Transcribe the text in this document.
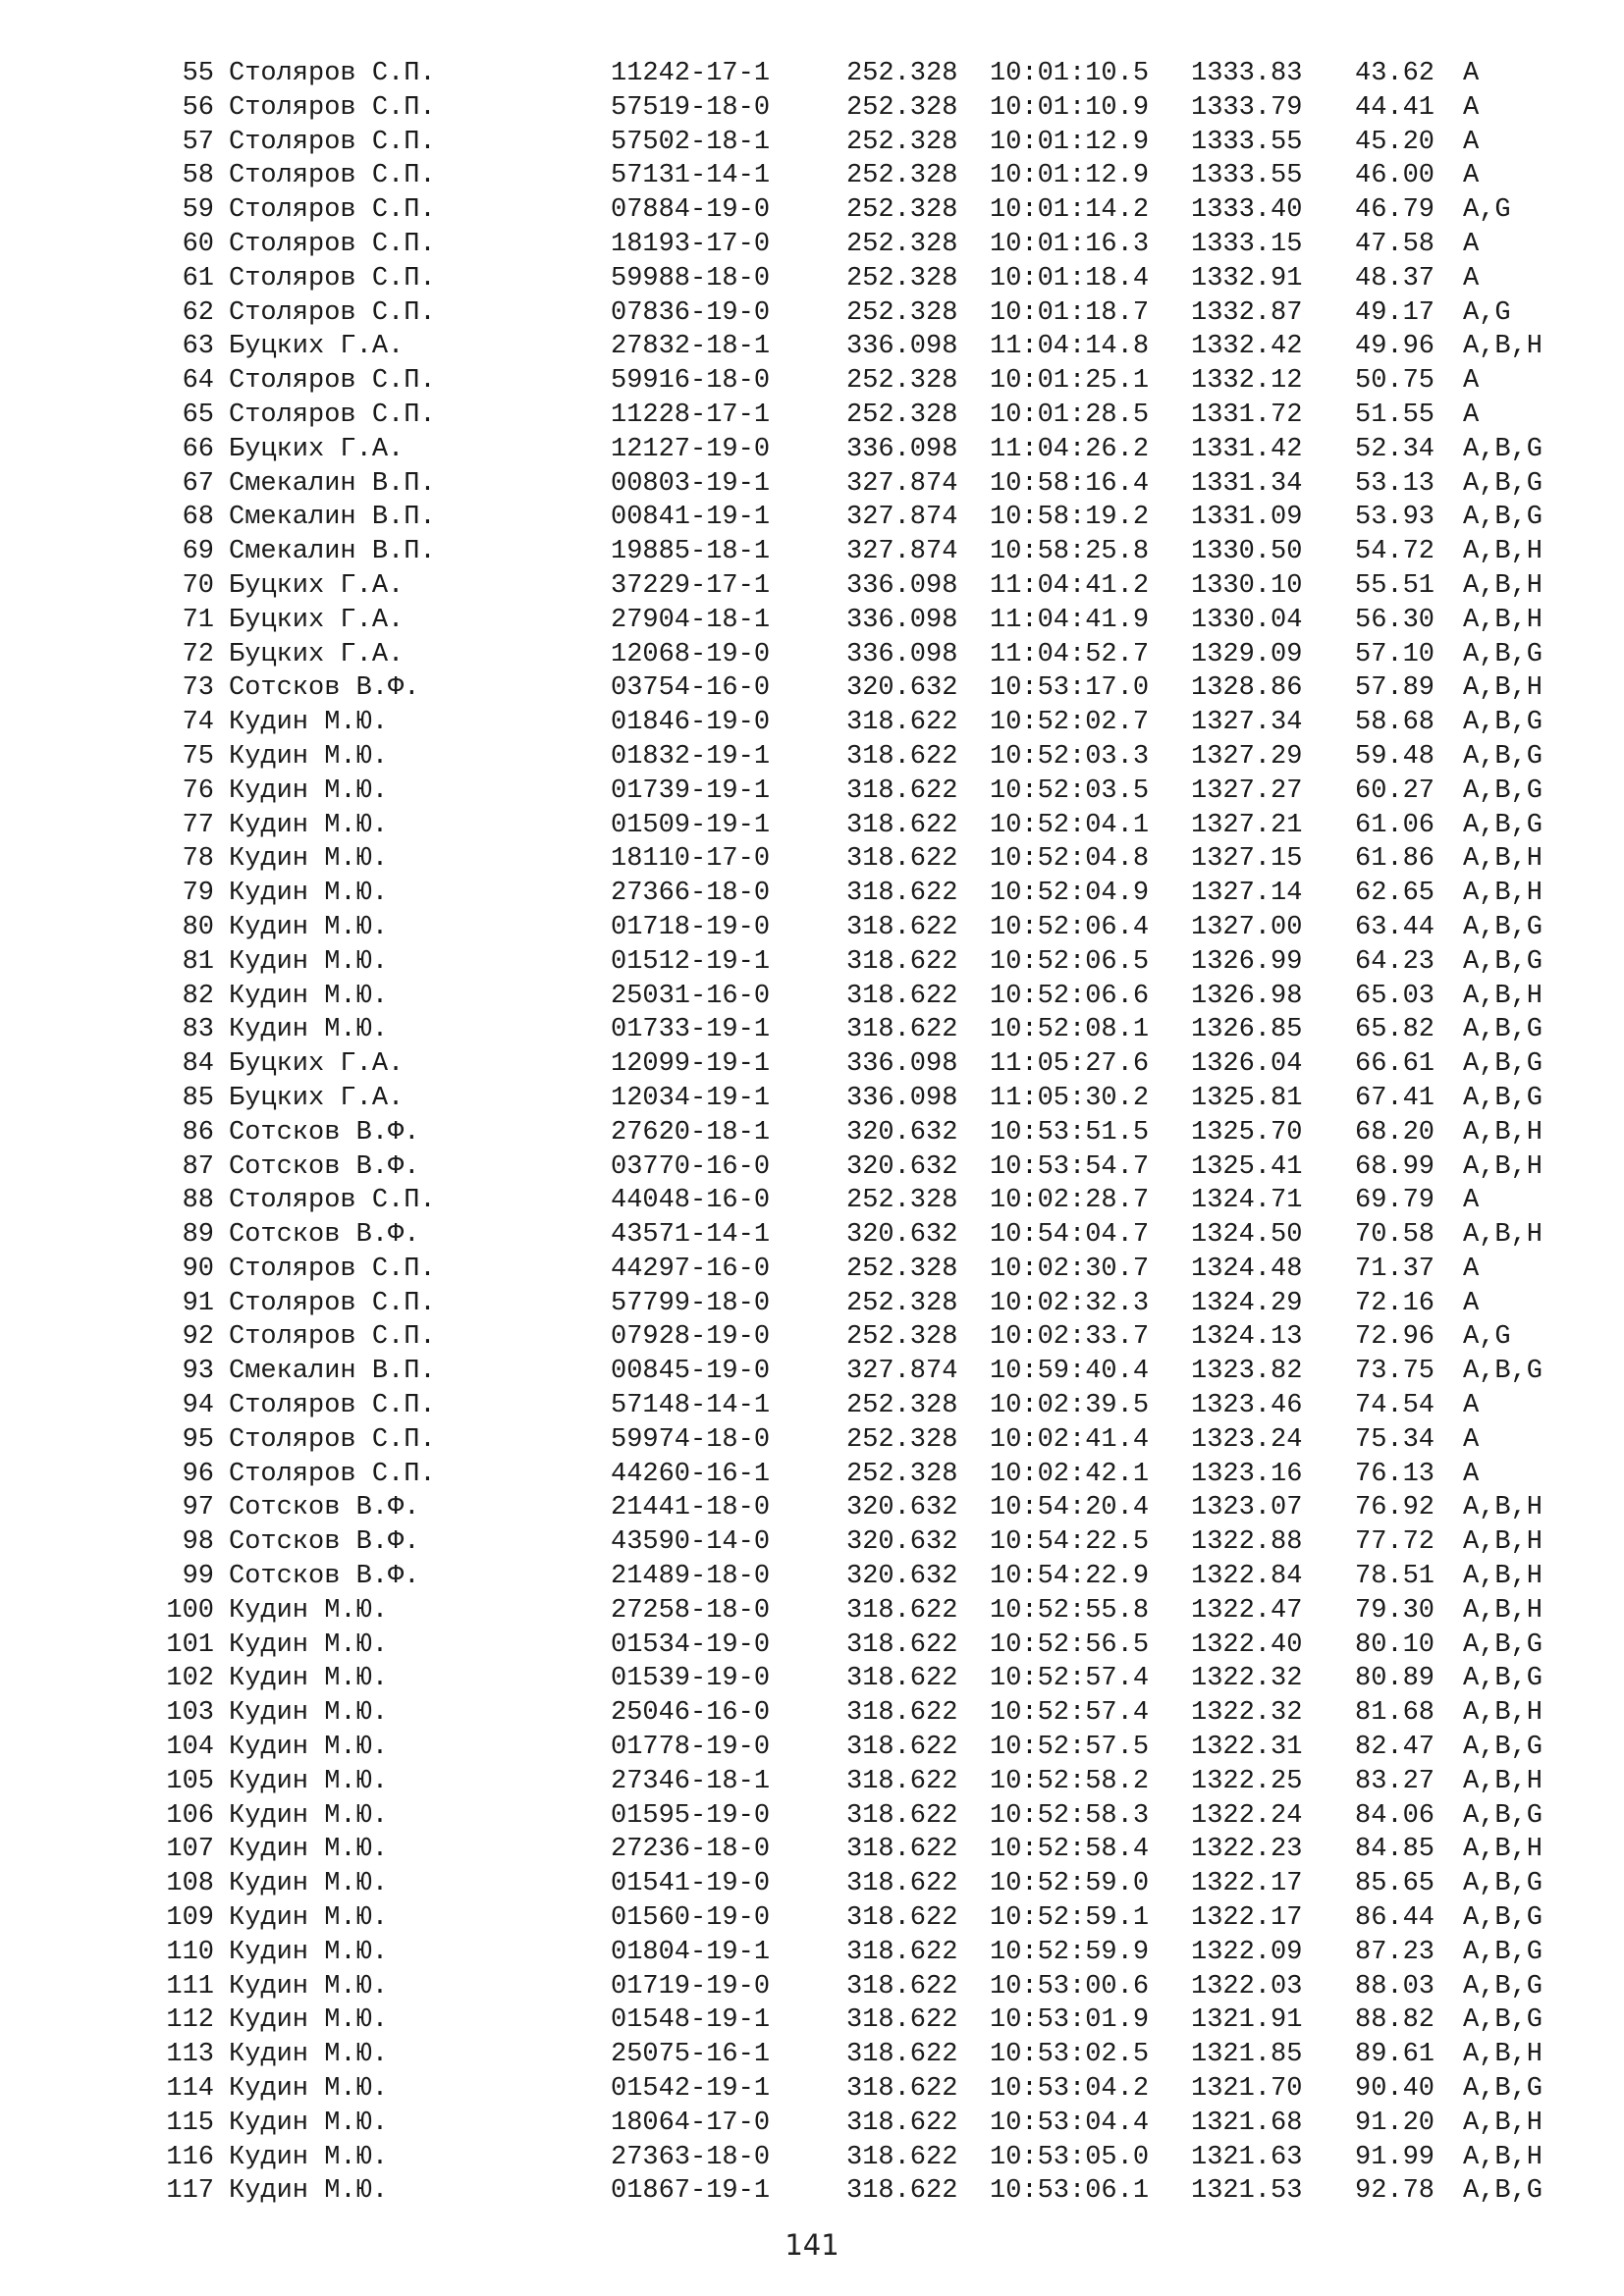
55 Столяров С.П.	11242-17-1	252.328 10:01:10.5 1333.83 43.62 A
56 Столяров С.П.	57519-18-0	252.328 10:01:10.9 1333.79 44.41 A
57 Столяров С.П.	57502-18-1	252.328 10:01:12.9 1333.55 45.20 A
58 Столяров С.П.	57131-14-1	252.328 10:01:12.9 1333.55 46.00 A
59 Столяров С.П.	07884-19-0	252.328 10:01:14.2 1333.40 46.79 A,G
60 Столяров С.П.	18193-17-0	252.328 10:01:16.3 1333.15 47.58 A
61 Столяров С.П.	59988-18-0	252.328 10:01:18.4 1332.91 48.37 A
62 Столяров С.П.	07836-19-0	252.328 10:01:18.7 1332.87 49.17 A,G
63 Буцких Г.А.	27832-18-1	336.098 11:04:14.8 1332.42 49.96 A,B,H
64 Столяров С.П.	59916-18-0	252.328 10:01:25.1 1332.12 50.75 A
65 Столяров С.П.	11228-17-1	252.328 10:01:28.5 1331.72 51.55 A
66 Буцких Г.А.	12127-19-0	336.098 11:04:26.2 1331.42 52.34 A,B,G
67 Смекалин В.П.	00803-19-1	327.874 10:58:16.4 1331.34 53.13 A,B,G
68 Смекалин В.П.	00841-19-1	327.874 10:58:19.2 1331.09 53.93 A,B,G
69 Смекалин В.П.	19885-18-1	327.874 10:58:25.8 1330.50 54.72 A,B,H
70 Буцких Г.А.	37229-17-1	336.098 11:04:41.2 1330.10 55.51 A,B,H
71 Буцких Г.А.	27904-18-1	336.098 11:04:41.9 1330.04 56.30 A,B,H
72 Буцких Г.А.	12068-19-0	336.098 11:04:52.7 1329.09 57.10 A,B,G
73 Сотсков В.Ф.	03754-16-0	320.632 10:53:17.0 1328.86 57.89 A,B,H
74 Кудин М.Ю.	01846-19-0	318.622 10:52:02.7 1327.34 58.68 A,B,G
75 Кудин М.Ю.	01832-19-1	318.622 10:52:03.3 1327.29 59.48 A,B,G
76 Кудин М.Ю.	01739-19-1	318.622 10:52:03.5 1327.27 60.27 A,B,G
77 Кудин М.Ю.	01509-19-1	318.622 10:52:04.1 1327.21 61.06 A,B,G
78 Кудин М.Ю.	18110-17-0	318.622 10:52:04.8 1327.15 61.86 A,B,H
79 Кудин М.Ю.	27366-18-0	318.622 10:52:04.9 1327.14 62.65 A,B,H
80 Кудин М.Ю.	01718-19-0	318.622 10:52:06.4 1327.00 63.44 A,B,G
81 Кудин М.Ю.	01512-19-1	318.622 10:52:06.5 1326.99 64.23 A,B,G
82 Кудин М.Ю.	25031-16-0	318.622 10:52:06.6 1326.98 65.03 A,B,H
83 Кудин М.Ю.	01733-19-1	318.622 10:52:08.1 1326.85 65.82 A,B,G
84 Буцких Г.А.	12099-19-1	336.098 11:05:27.6 1326.04 66.61 A,B,G
85 Буцких Г.А.	12034-19-1	336.098 11:05:30.2 1325.81 67.41 A,B,G
86 Сотсков В.Ф.	27620-18-1	320.632 10:53:51.5 1325.70 68.20 A,B,H
87 Сотсков В.Ф.	03770-16-0	320.632 10:53:54.7 1325.41 68.99 A,B,H
88 Столяров С.П.	44048-16-0	252.328 10:02:28.7 1324.71 69.79 A
89 Сотсков В.Ф.	43571-14-1	320.632 10:54:04.7 1324.50 70.58 A,B,H
90 Столяров С.П.	44297-16-0	252.328 10:02:30.7 1324.48 71.37 A
91 Столяров С.П.	57799-18-0	252.328 10:02:32.3 1324.29 72.16 A
92 Столяров С.П.	07928-19-0	252.328 10:02:33.7 1324.13 72.96 A,G
93 Смекалин В.П.	00845-19-0	327.874 10:59:40.4 1323.82 73.75 A,B,G
94 Столяров С.П.	57148-14-1	252.328 10:02:39.5 1323.46 74.54 A
95 Столяров С.П.	59974-18-0	252.328 10:02:41.4 1323.24 75.34 A
96 Столяров С.П.	44260-16-1	252.328 10:02:42.1 1323.16 76.13 A
97 Сотсков В.Ф.	21441-18-0	320.632 10:54:20.4 1323.07 76.92 A,B,H
98 Сотсков В.Ф.	43590-14-0	320.632 10:54:22.5 1322.88 77.72 A,B,H
99 Сотсков В.Ф.	21489-18-0	320.632 10:54:22.9 1322.84 78.51 A,B,H
100 Кудин М.Ю.	27258-18-0	318.622 10:52:55.8 1322.47 79.30 A,B,H
101 Кудин М.Ю.	01534-19-0	318.622 10:52:56.5 1322.40 80.10 A,B,G
102 Кудин М.Ю.	01539-19-0	318.622 10:52:57.4 1322.32 80.89 A,B,G
103 Кудин М.Ю.	25046-16-0	318.622 10:52:57.4 1322.32 81.68 A,B,H
104 Кудин М.Ю.	01778-19-0	318.622 10:52:57.5 1322.31 82.47 A,B,G
105 Кудин М.Ю.	27346-18-1	318.622 10:52:58.2 1322.25 83.27 A,B,H
106 Кудин М.Ю.	01595-19-0	318.622 10:52:58.3 1322.24 84.06 A,B,G
107 Кудин М.Ю.	27236-18-0	318.622 10:52:58.4 1322.23 84.85 A,B,H
108 Кудин М.Ю.	01541-19-0	318.622 10:52:59.0 1322.17 85.65 A,B,G
109 Кудин М.Ю.	01560-19-0	318.622 10:52:59.1 1322.17 86.44 A,B,G
110 Кудин М.Ю.	01804-19-1	318.622 10:52:59.9 1322.09 87.23 A,B,G
111 Кудин М.Ю.	01719-19-0	318.622 10:53:00.6 1322.03 88.03 A,B,G
112 Кудин М.Ю.	01548-19-1	318.622 10:53:01.9 1321.91 88.82 A,B,G
113 Кудин М.Ю.	25075-16-1	318.622 10:53:02.5 1321.85 89.61 A,B,H
114 Кудин М.Ю.	01542-19-1	318.622 10:53:04.2 1321.70 90.40 A,B,G
115 Кудин М.Ю.	18064-17-0	318.622 10:53:04.4 1321.68 91.20 A,B,H
116 Кудин М.Ю.	27363-18-0	318.622 10:53:05.0 1321.63 91.99 A,B,H
117 Кудин М.Ю.	01867-19-1	318.622 10:53:06.1 1321.53 92.78 A,B,G
141
